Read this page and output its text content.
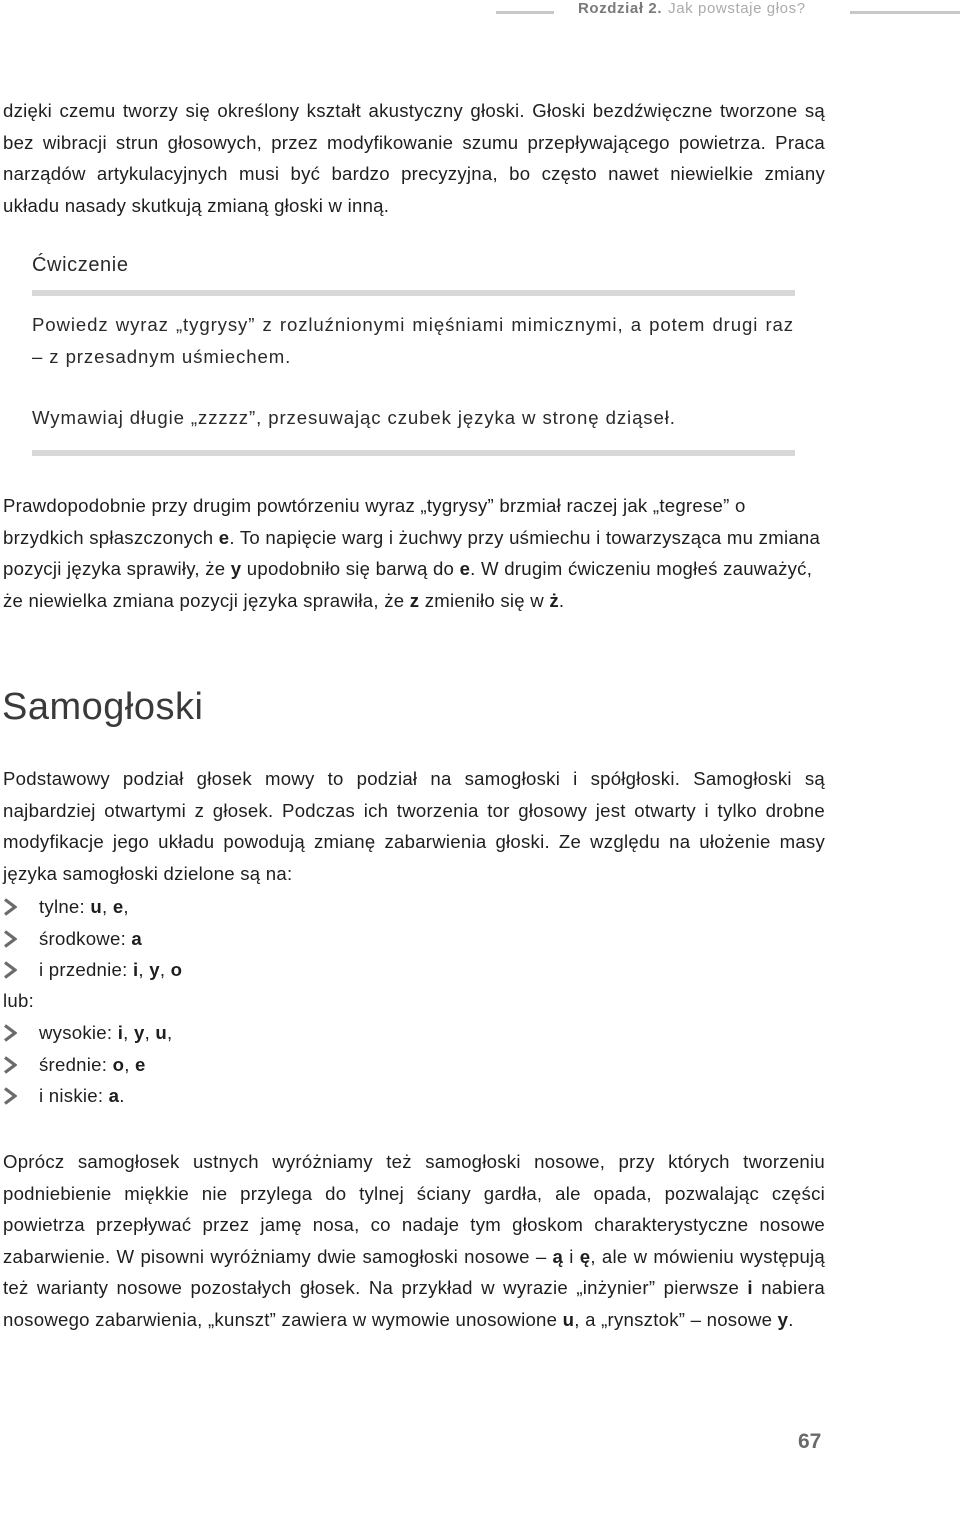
Rozdział 2. Jak powstaje głos?

dzięki czemu tworzy się określony kształt akustyczny głoski. Głoski bezdźwięczne tworzone są bez wibracji strun głosowych, przez modyfikowanie szumu przepływającego powietrza. Praca narządów artykulacyjnych musi być bardzo precyzyjna, bo często nawet niewielkie zmiany układu nasady skutkują zmianą głoski w inną.

Ćwiczenie

Powiedz wyraz „tygrysy” z rozluźnionymi mięśniami mimicznymi, a potem drugi raz – z przesadnym uśmiechem.

Wymawiaj długie „zzzzz”, przesuwając czubek języka w stronę dziąseł.

Prawdopodobnie przy drugim powtórzeniu wyraz „tygrysy” brzmiał raczej jak „tegrese” o brzydkich spłaszczonych e. To napięcie warg i żuchwy przy uśmiechu i towarzysząca mu zmiana pozycji języka sprawiły, że y upodobniło się barwą do e. W drugim ćwiczeniu mogłeś zauważyć, że niewielka zmiana pozycji języka sprawiła, że z zmieniło się w ż.

Samogłoski

Podstawowy podział głosek mowy to podział na samogłoski i spółgłoski. Samogłoski są najbardziej otwartymi z głosek. Podczas ich tworzenia tor głosowy jest otwarty i tylko drobne modyfikacje jego układu powodują zmianę zabarwienia głoski. Ze względu na ułożenie masy języka samogłoski dzielone są na:

tylne: u, e,
środkowe: a
i przednie: i, y, o
lub:
wysokie: i, y, u,
średnie: o, e
i niskie: a.

Oprócz samogłosek ustnych wyróżniamy też samogłoski nosowe, przy których tworzeniu podniebienie miękkie nie przylega do tylnej ściany gardła, ale opada, pozwalając części powietrza przepływać przez jamę nosa, co nadaje tym głoskom charakterystyczne nosowe zabarwienie. W pisowni wyróżniamy dwie samogłoski nosowe – ą i ę, ale w mówieniu występują też warianty nosowe pozostałych głosek. Na przykład w wyrazie „inżynier” pierwsze i nabiera nosowego zabarwienia, „kunszt” zawiera w wymowie unosowione u, a „rynsztok” – nosowe y.

67
